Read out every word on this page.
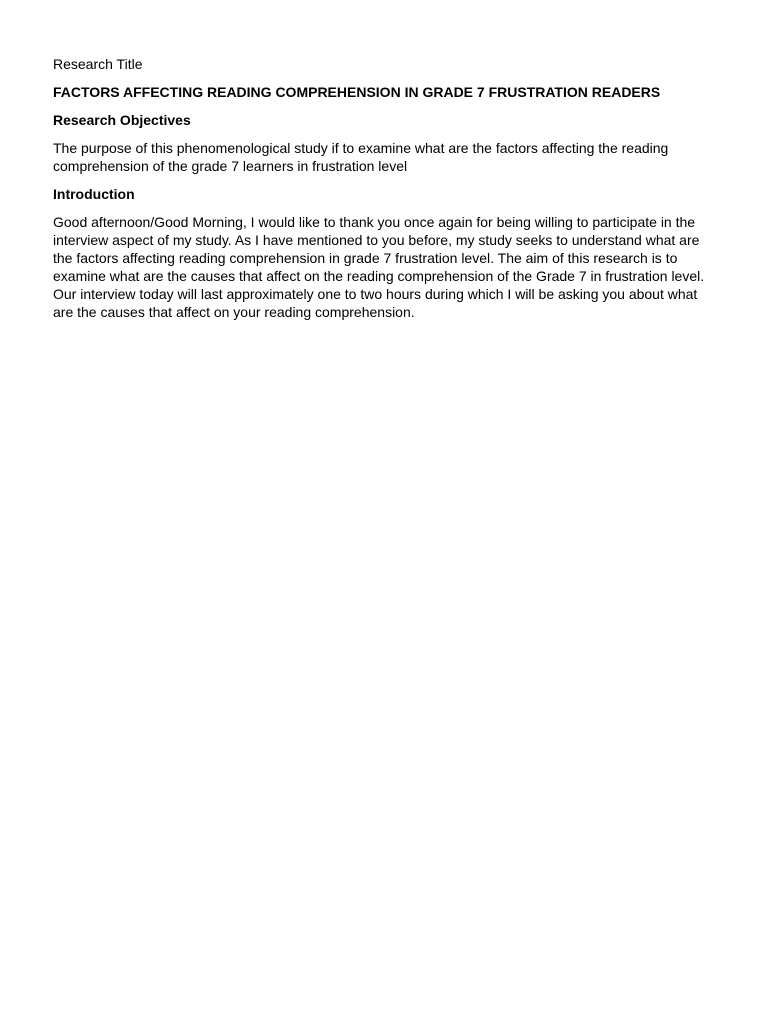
Research Title

FACTORS AFFECTING READING COMPREHENSION IN GRADE 7 FRUSTRATION READERS

Research Objectives

The purpose of this phenomenological study if to examine what are the factors affecting the reading comprehension of the grade 7 learners in frustration level

Introduction

Good afternoon/Good Morning, I would like to thank you once again for being willing to participate in the interview aspect of my study. As I have mentioned to you before, my study seeks to understand what are the factors affecting reading comprehension in grade 7 frustration level. The aim of this research is to examine what are the causes that affect on the reading comprehension of the Grade 7 in frustration level. Our interview today will last approximately one to two hours during which I will be asking you about what are the causes that affect on your reading comprehension.
